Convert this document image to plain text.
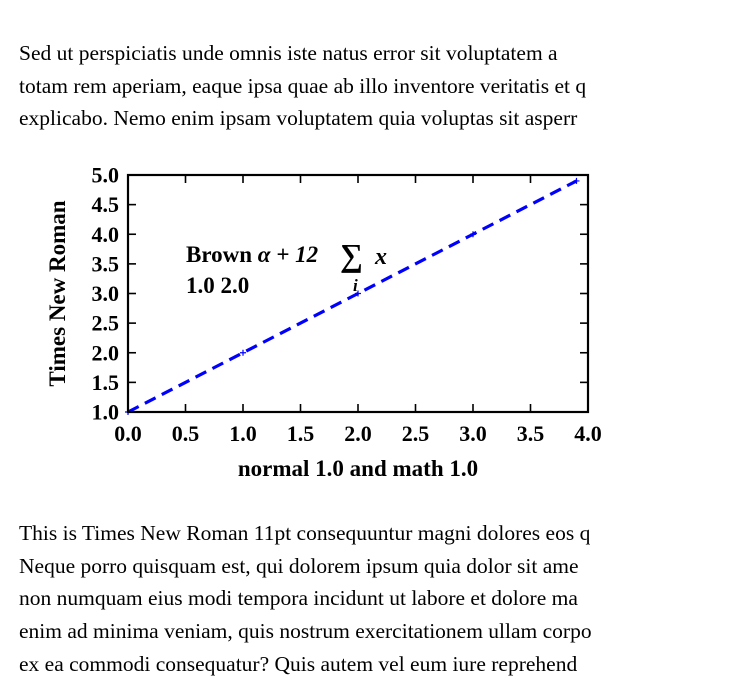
Sed ut perspiciatis unde omnis iste natus error sit voluptatem a
totam rem aperiam, eaque ipsa quae ab illo inventore veritatis et q
explicabo. Nemo enim ipsam voluptatem quia voluptas sit asperr

1.0
1.5
2.0
2.5
3.0
3.5
4.0
4.5
5.0
0.0 0.5 1.0 1.5 2.0 2.5 3.0 3.5 4.0
Times New Roman
normal 1.0 and math 1.0
Brown α + 12 ∑ x
i
1.0 2.0

This is Times New Roman 11pt consequuntur magni dolores eos q
Neque porro quisquam est, qui dolorem ipsum quia dolor sit ame
non numquam eius modi tempora incidunt ut labore et dolore ma
enim ad minima veniam, quis nostrum exercitationem ullam corpo
ex ea commodi consequatur? Quis autem vel eum iure reprehend
